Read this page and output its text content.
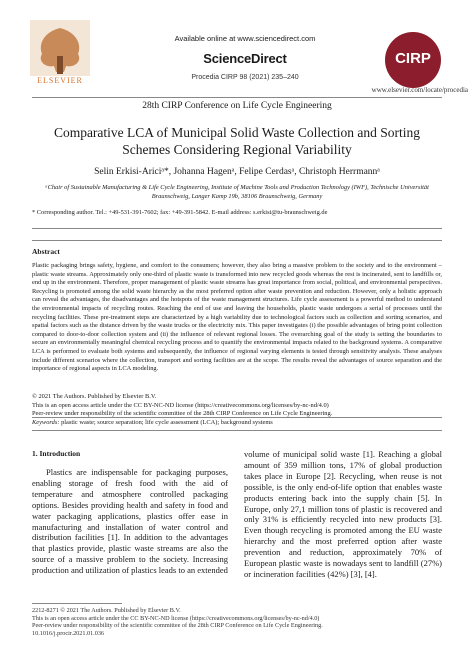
ELSEVIER
Available online at www.sciencedirect.com
ScienceDirect
Procedia CIRP 98 (2021) 235–240
CIRP
www.elsevier.com/locate/procedia
28th CIRP Conference on Life Cycle Engineering
Comparative LCA of Municipal Solid Waste Collection and Sorting
Schemes Considering Regional Variability
Selin Erkisi-Ariciᵃ*, Johanna Hagenᵃ, Felipe Cerdasᵃ, Christoph Herrmannᵃ
ᵃChair of Sustainable Manufacturing & Life Cycle Engineering, Institute of Machine Tools and Production Technology (IWF), Technische Universität
Braunschweig, Langer Kamp 19b, 38106 Braunschweig, Germany
* Corresponding author. Tel.: +49-531-391-7602; fax: +49-391-5842. E-mail address: s.erkisi@tu-braunschweig.de
Abstract
Plastic packaging brings safety, hygiene, and comfort to the consumers; however, they also bring a massive problem to the society and to the environment – plastic waste streams. Approximately only one-third of plastic waste is transformed into new recycled goods whereas the rest is incinerated, sent to landfills or, end up in the environment. Therefore, proper management of plastic waste streams has great importance from social, political, and environmental perspectives. Recycling is promoted among the solid waste hierarchy as the most preferred option after waste prevention and reduction. However, only a holistic approach can reveal the advantages, the disadvantages and the hotspots of the waste management structures. Life cycle assessment is a powerful method to understand the environmental impacts of recycling routes. Reaching the end of use and leaving the households, plastic waste undergoes a serial of processes until the recycling facilities. These pre-treatment steps are characterized by a high variability due to technological factors such as collection and sorting scenarios, and spatial factors such as the distance driven by the waste trucks or the electricity mix. This paper investigates (i) the possible advantages of bring point collection compared to door-to-door collection system and (ii) the influence of relevant regional losses. The overarching goal of the study is setting the boundaries to secure an environmentally meaningful chemical recycling process and to quantify the environmental impacts related to the background systems. A comparative LCA is performed to evaluate both systems and subsequently, the influence of regional varying elements is tested through sensitivity analysis. These analyses include different scenarios where the collection, transport and sorting facilities are at the scope. The results reveal the advantages of source separation and the importance of regional aspects in LCA modeling.
© 2021 The Authors. Published by Elsevier B.V.
This is an open access article under the CC BY-NC-ND license (https://creativecommons.org/licenses/by-nc-nd/4.0)
Peer-review under responsibility of the scientific committee of the 28th CIRP Conference on Life Cycle Engineering.
Keywords: plastic waste; source separation; life cycle assessment (LCA); background systems
1. Introduction
Plastics are indispensable for packaging purposes, enabling storage of fresh food with the aid of temperature and atmosphere controlled packaging options. Besides providing health and safety in food and water packaging applications, plastics offer ease in manufacturing and installation of water control and distribution facilities [1]. In addition to the advantages that plastics provide, plastic waste streams are also the source of a massive problem to the society. Increasing production and utilization of plastics leads to an extended
volume of municipal solid waste [1]. Reaching a global amount of 359 million tons, 17% of global production takes place in Europe [2]. Recycling, when reuse is not possible, is the only end-of-life option that enables waste products entering back into the supply chain [5]. In Europe, only 27,1 million tons of plastic is recovered and only 31% is efficiently recycled into new products [3]. Even though recycling is promoted among the EU waste hierarchy and the most preferred option after waste prevention and reduction, approximately 70% of European plastic waste is nowadays sent to landfill (27%) or incineration facilities (42%) [3], [4].
2212-8271 © 2021 The Authors. Published by Elsevier B.V.
This is an open access article under the CC BY-NC-ND license (https://creativecommons.org/licenses/by-nc-nd/4.0)
Peer-review under responsibility of the scientific committee of the 28th CIRP Conference on Life Cycle Engineering.
10.1016/j.procir.2021.01.036
